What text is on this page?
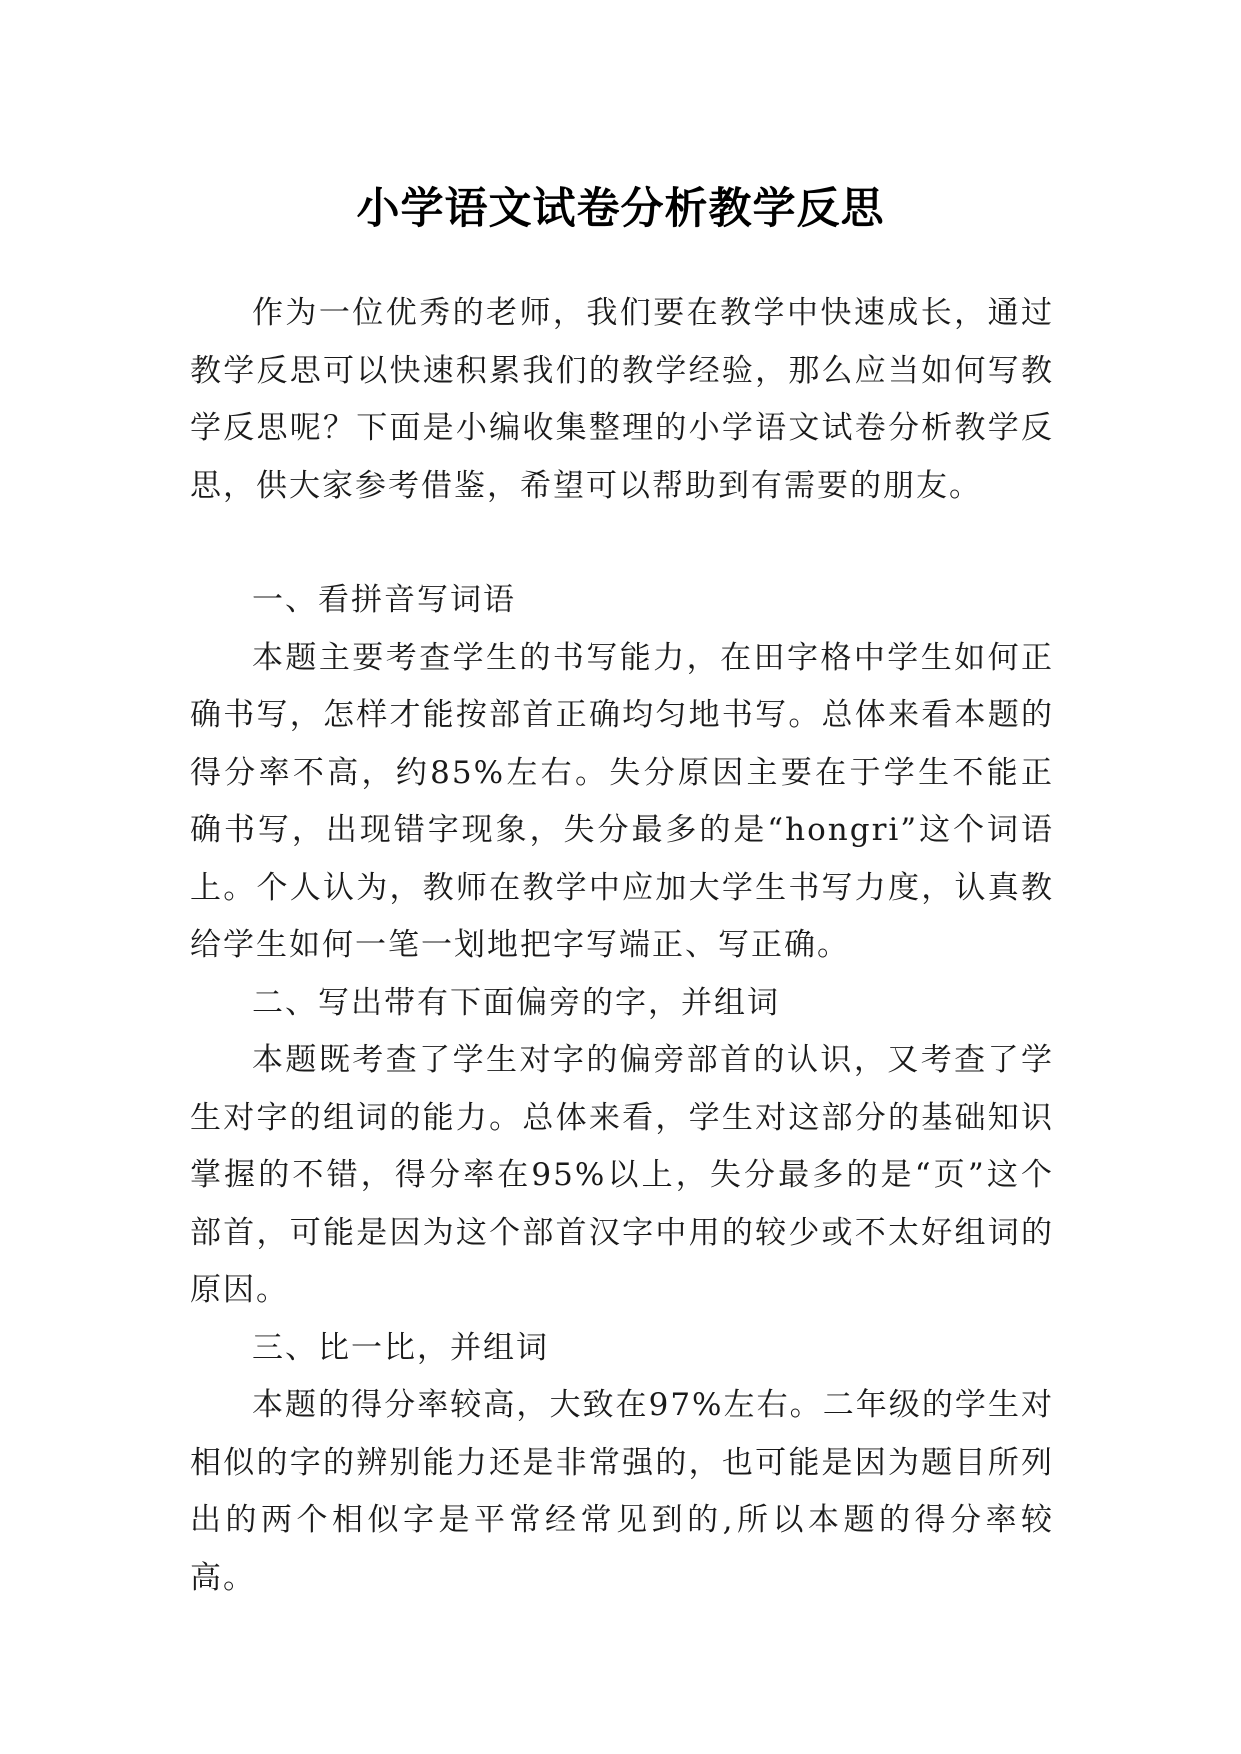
小学语文试卷分析教学反思

作为一位优秀的老师，我们要在教学中快速成长，通过教学反思可以快速积累我们的教学经验，那么应当如何写教学反思呢？下面是小编收集整理的小学语文试卷分析教学反思，供大家参考借鉴，希望可以帮助到有需要的朋友。

一、看拼音写词语

本题主要考查学生的书写能力，在田字格中学生如何正确书写，怎样才能按部首正确均匀地书写。总体来看本题的得分率不高，约85%左右。失分原因主要在于学生不能正确书写，出现错字现象，失分最多的是“hongri”这个词语上。个人认为，教师在教学中应加大学生书写力度，认真教给学生如何一笔一划地把字写端正、写正确。

二、写出带有下面偏旁的字，并组词

本题既考查了学生对字的偏旁部首的认识，又考查了学生对字的组词的能力。总体来看，学生对这部分的基础知识掌握的不错，得分率在95%以上，失分最多的是“页”这个部首，可能是因为这个部首汉字中用的较少或不太好组词的原因。

三、比一比，并组词

本题的得分率较高，大致在97%左右。二年级的学生对相似的字的辨别能力还是非常强的，也可能是因为题目所列出的两个相似字是平常经常见到的,所以本题的得分率较高。
